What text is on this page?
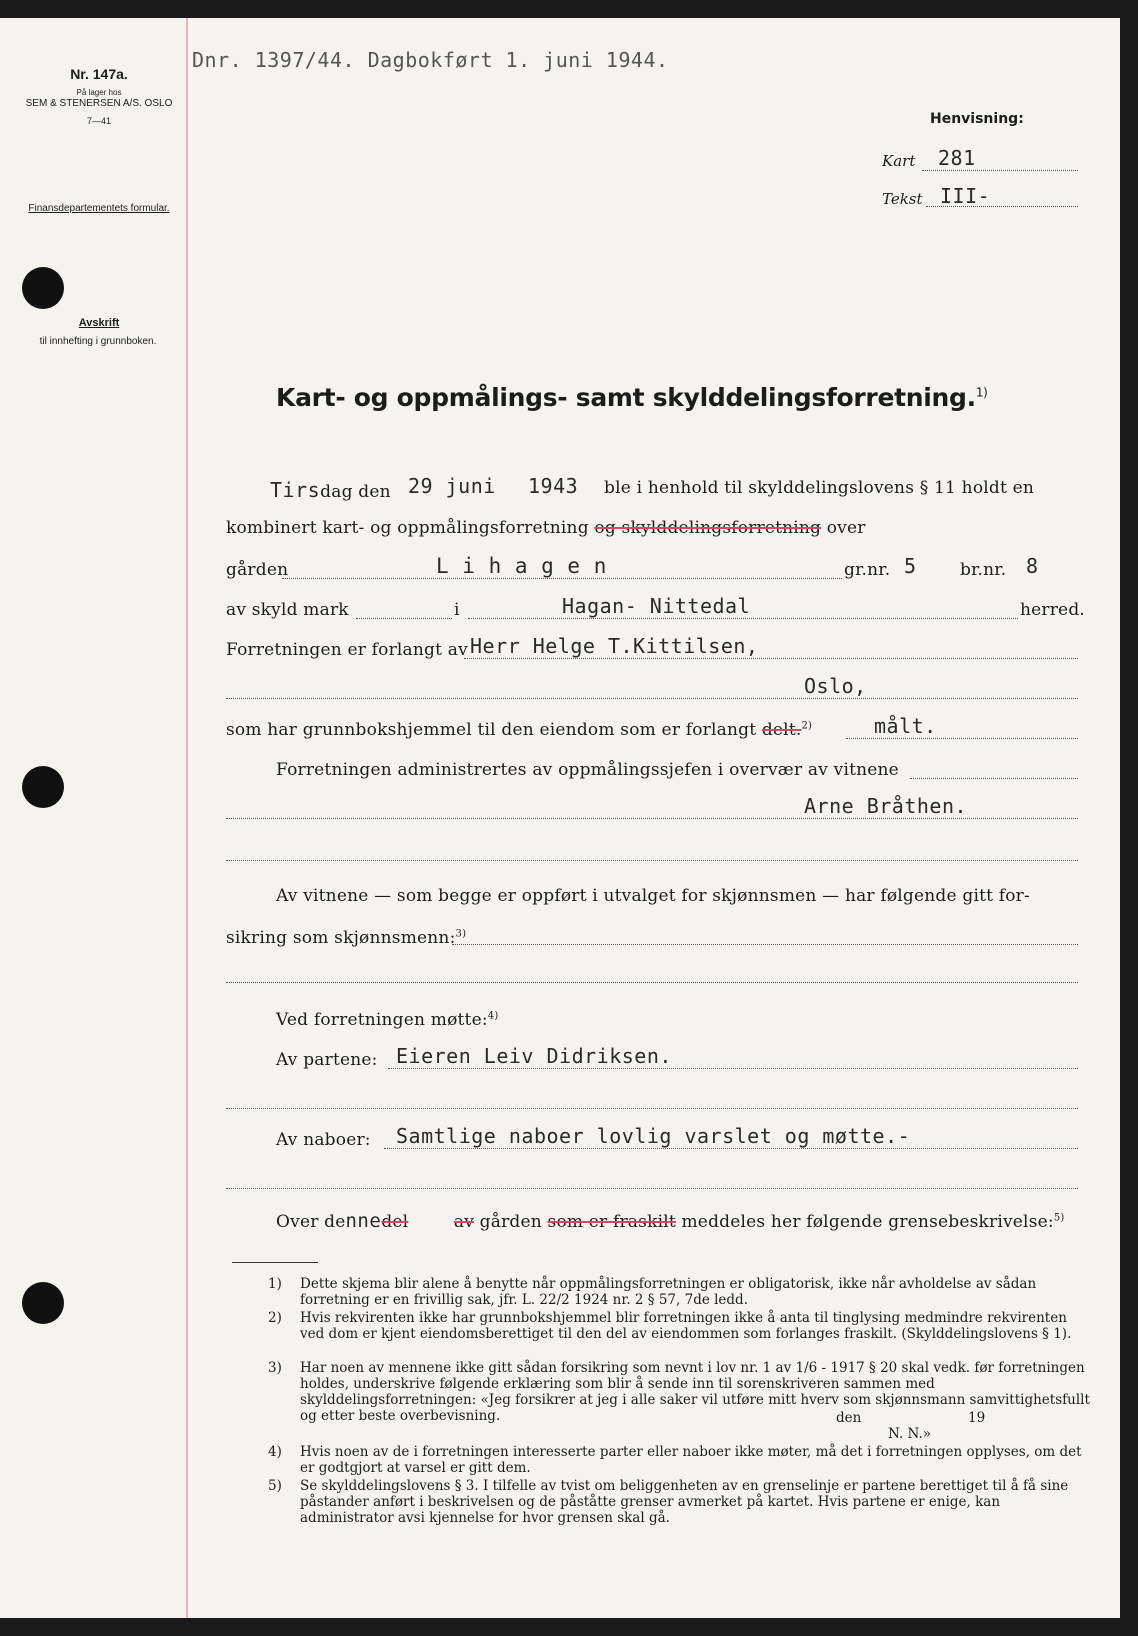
Nr. 147a.
På lager hos
SEM & STENERSEN A/S. OSLO
7—41
Finansdepartementets formular.
Avskrift
til innhefting i grunnboken.
Dnr. 1397/44. Dagbokført 1. juni 1944.
Henvisning:
Kart 281
Tekst III-
Kart- og oppmålings- samt skylddelingsforretning.$^{1)}$
Tirsdag den 29 juni 1943 ble i henhold til skylddelingslovens § 11 holdt en
kombinert kart- og oppmålingsforretning og skylddelingsforretning over
gården	L i h a g e n	gr.nr. 5	br.nr. 8
av skyld mark	i	Hagan- Nittedal	herred.
Forretningen er forlangt av Herr Helge T.Kittilsen,
Oslo,
som har grunnbokshjemmel til den eiendom som er forlangt delt.$^{2)}$	målt.
Forretningen administrertes av oppmålingssjefen i overvær av vitnene
Arne Bråthen.
Av vitnene — som begge er oppført i utvalget for skjønnsmen — har følgende gitt for-
sikring som skjønnsmenn:$^{3)}$
Ved forretningen møtte:$^{4)}$
Av partene: Eieren Leiv Didriksen.
Av naboer: Samtlige naboer lovlig varslet og møtte.-
Over dennedel	av gården som er fraskilt meddeles her følgende grensebeskrivelse:$^{5)}$
1) Dette skjema blir alene å benytte når oppmålingsforretningen er obligatorisk, ikke når avholdelse av sådan forretning er en frivillig sak, jfr. L. 22/2 1924 nr. 2 § 57, 7de ledd.
2) Hvis rekvirenten ikke har grunnbokshjemmel blir forretningen ikke å anta til tinglysing medmindre rekvirenten ved dom er kjent eiendomsberettiget til den del av eiendommen som forlanges fraskilt. (Skylddelingslovens § 1).
3) Har noen av mennene ikke gitt sådan forsikring som nevnt i lov nr. 1 av 1/6 - 1917 § 20 skal vedk. før forretningen holdes, underskrive følgende erklæring som blir å sende inn til sorenskriveren sammen med skylddelingsforretningen: «Jeg forsikrer at jeg i alle saker vil utføre mitt hverv som skjønnsmann samvittighetsfullt og etter beste overbevisning.	den	19
N. N.»
4) Hvis noen av de i forretningen interesserte parter eller naboer ikke møter, må det i forretningen opplyses, om det er godtgjort at varsel er gitt dem.
5) Se skylddelingslovens § 3. I tilfelle av tvist om beliggenheten av en grenselinje er partene berettiget til å få sine påstander anført i beskrivelsen og de påståtte grenser avmerket på kartet. Hvis partene er enige, kan administrator avsi kjennelse for hvor grensen skal gå.
